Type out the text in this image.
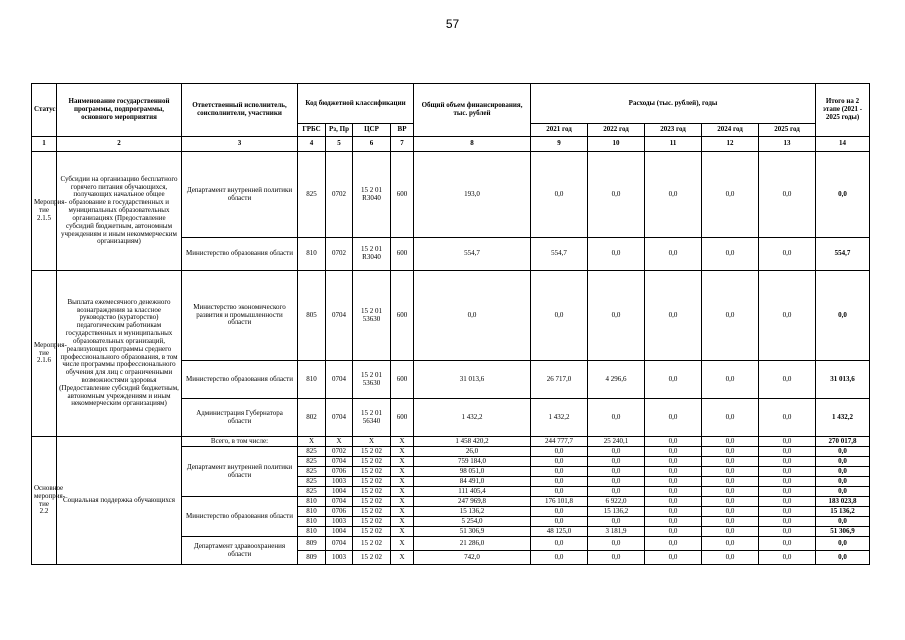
57
Статус	Наименование государственной программы, подпрограммы, основного мероприятия	Ответственный исполнитель, соисполнители, участники	Код бюджетной классификации				Общий объем финансирования, тыс. рублей	Расходы (тыс. рублей), годы					Итого на 2 этапе (2021 - 2025 годы)
			ГРБС	Рз, Пр	ЦСР	ВР		2021 год	2022 год	2023 год	2024 год	2025 год	
1	2	3	4	5	6	7	8	9	10	11	12	13	14
Мероприя-тие 2.1.5	Субсидии на организацию бесплатного горячего питания обучающихся, получающих начальное общее образование в государственных и муниципальных образовательных организациях (Предоставление субсидий бюджетным, автономным учреждениям и иным некоммерческим организациям)	Департамент внутренней политики области	825	0702	15 2 01 R3040	600	193,0	0,0	0,0	0,0	0,0	0,0	0,0
		Министерство образования области	810	0702	15 2 01 R3040	600	554,7	554,7	0,0	0,0	0,0	0,0	554,7
Мероприя-тие 2.1.6	Выплата ежемесячного денежного вознаграждения за классное руководство (кураторство) педагогическим работникам государственных и муниципальных образовательных организаций, реализующих программы среднего профессионального образования, в том числе программы профессионального обучения для лиц с ограниченными возможностями здоровья (Предоставление субсидий бюджетным, автономным учреждениям и иным некоммерческим организациям)	Министерство экономического развития и промышленности области	805	0704	15 2 01 53630	600	0,0	0,0	0,0	0,0	0,0	0,0	0,0
		Министерство образования области	810	0704	15 2 01 53630	600	31 013,6	26 717,0	4 296,6	0,0	0,0	0,0	31 013,6
		Администрация Губернатора области	802	0704	15 2 01 56340	600	1 432,2	1 432,2	0,0	0,0	0,0	0,0	1 432,2
Основное мероприя-тие 2.2	Социальная поддержка обучающихся	Всего, в том числе:	X	X	X	X	1 458 420,2	244 777,7	25 240,1	0,0	0,0	0,0	270 017,8
		Департамент внутренней политики области	825	0702	15 2 02	X	26,0	0,0	0,0	0,0	0,0	0,0	0,0
			825	0704	15 2 02	X	759 184,0	0,0	0,0	0,0	0,0	0,0	0,0
			825	0706	15 2 02	X	98 051,0	0,0	0,0	0,0	0,0	0,0	0,0
			825	1003	15 2 02	X	84 491,0	0,0	0,0	0,0	0,0	0,0	0,0
			825	1004	15 2 02	X	111 405,4	0,0	0,0	0,0	0,0	0,0	0,0
		Министерство образования области	810	0704	15 2 02	X	247 969,8	176 101,8	6 922,0	0,0	0,0	0,0	183 023,8
			810	0706	15 2 02	X	15 136,2	0,0	15 136,2	0,0	0,0	0,0	15 136,2
			810	1003	15 2 02	X	5 254,0	0,0	0,0	0,0	0,0	0,0	0,0
			810	1004	15 2 02	X	51 306,9	48 125,0	3 181,9	0,0	0,0	0,0	51 306,9
		Департамент здравоохранения области	809	0704	15 2 02	X	21 286,0	0,0	0,0	0,0	0,0	0,0	0,0
			809	1003	15 2 02	X	742,0	0,0	0,0	0,0	0,0	0,0	0,0
